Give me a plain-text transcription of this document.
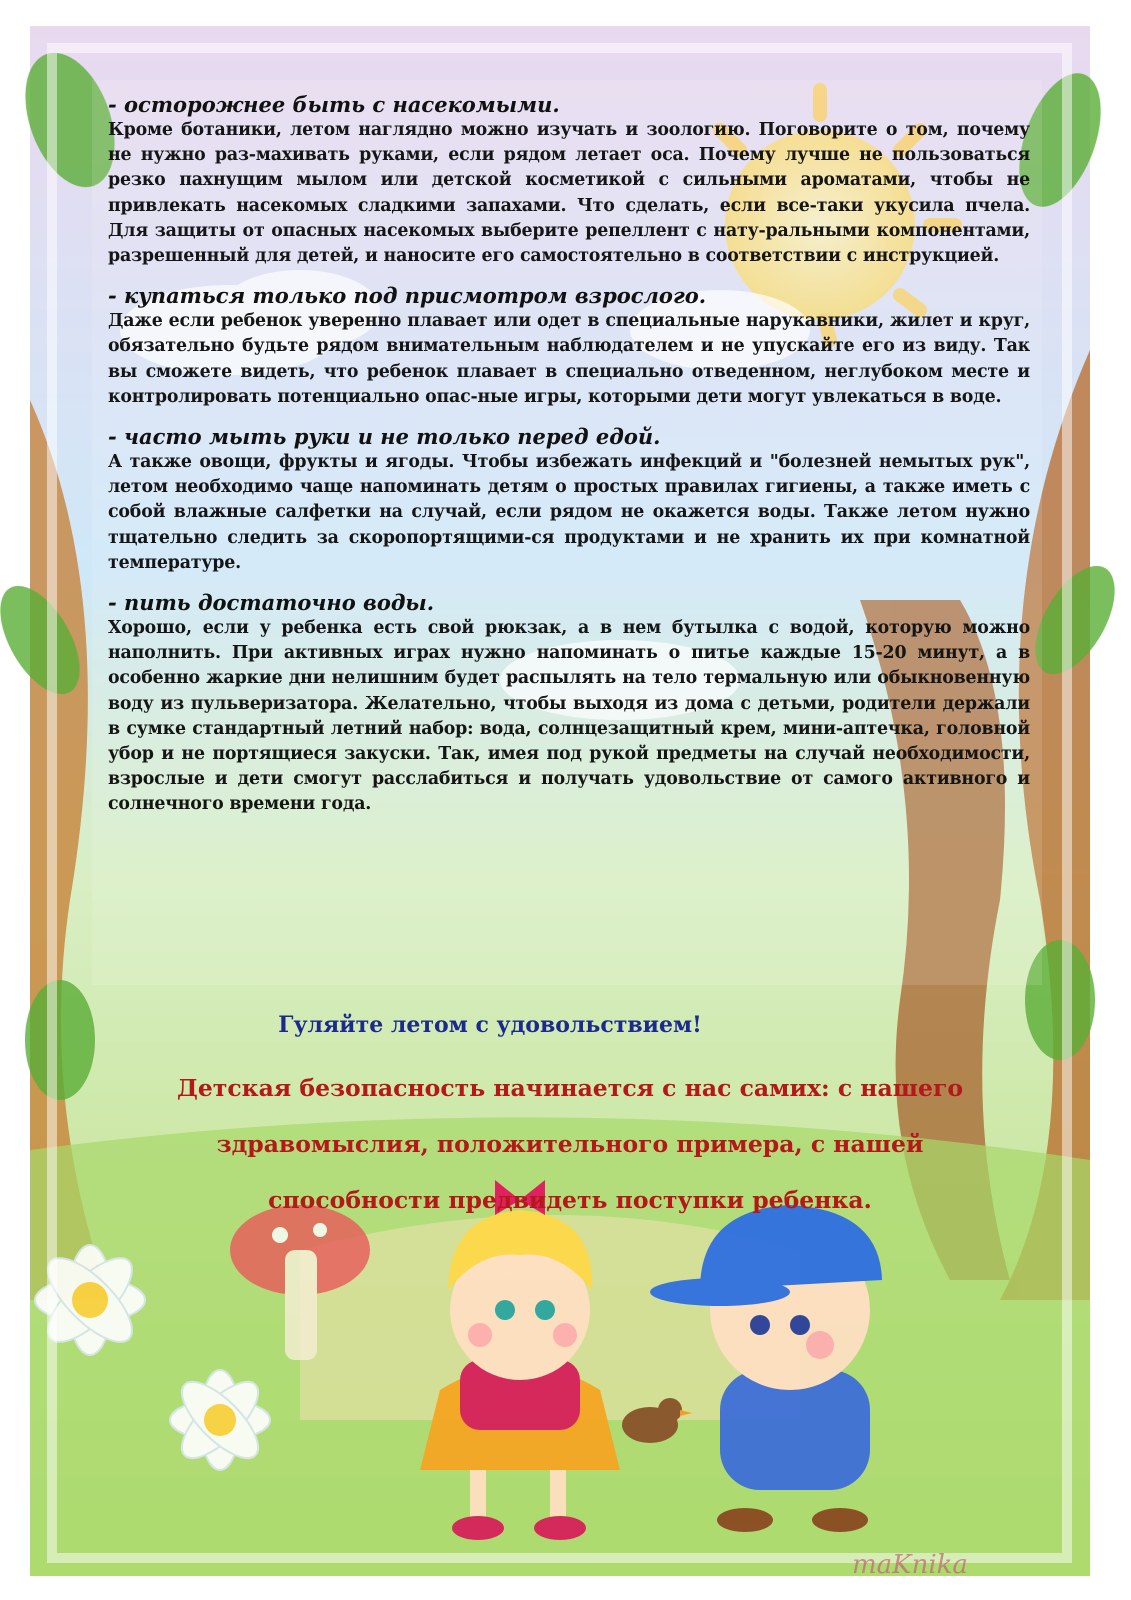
- осторожнее быть с насекомыми.

Кроме ботаники, летом наглядно можно изучать и зоологию. Поговорите о том, почему не нужно раз-махивать руками, если рядом летает оса. Почему лучше не пользоваться резко пахнущим мылом или детской косметикой с сильными ароматами, чтобы не привлекать насекомых сладкими запахами. Что сделать, если все-таки укусила пчела. Для защиты от опасных насекомых выберите репеллент с нату-ральными компонентами, разрешенный для детей, и наносите его самостоятельно в соответствии с инструкцией.

- купаться только под присмотром взрослого.

Даже если ребенок уверенно плавает или одет в специальные нарукавники, жилет и круг, обязательно будьте рядом внимательным наблюдателем и не упускайте его из виду. Так вы сможете видеть, что ребенок плавает в специально отведенном, неглубоком месте и контролировать потенциально опас-ные игры, которыми дети могут увлекаться в воде.

- часто мыть руки и не только перед едой.

А также овощи, фрукты и ягоды. Чтобы избежать инфекций и "болезней немытых рук", летом необходимо чаще напоминать детям о простых правилах гигиены, а также иметь с собой влажные салфетки на случай, если рядом не окажется воды. Также летом нужно тщательно следить за скоропортящими-ся продуктами и не хранить их при комнатной температуре.

- пить достаточно воды.

Хорошо, если у ребенка есть свой рюкзак, а в нем бутылка с водой, которую можно наполнить. При активных играх нужно напоминать о питье каждые 15-20 минут, а в особенно жаркие дни нелишним будет распылять на тело термальную или обыкновенную воду из пульверизатора. Желательно, чтобы выходя из дома с детьми, родители держали в сумке стандартный летний набор: вода, солнцезащитный крем, мини-аптечка, головной убор и не портящиеся закуски. Так, имея под рукой предметы на случай необходимости, взрослые и дети смогут расслабиться и получать удовольствие от самого активного и солнечного времени года.

Гуляйте летом с удовольствием!
Детская безопасность начинается с нас самих: с нашего
здравомыслия, положительного примера, с нашей
способности предвидеть поступки ребенка.
maKnika
